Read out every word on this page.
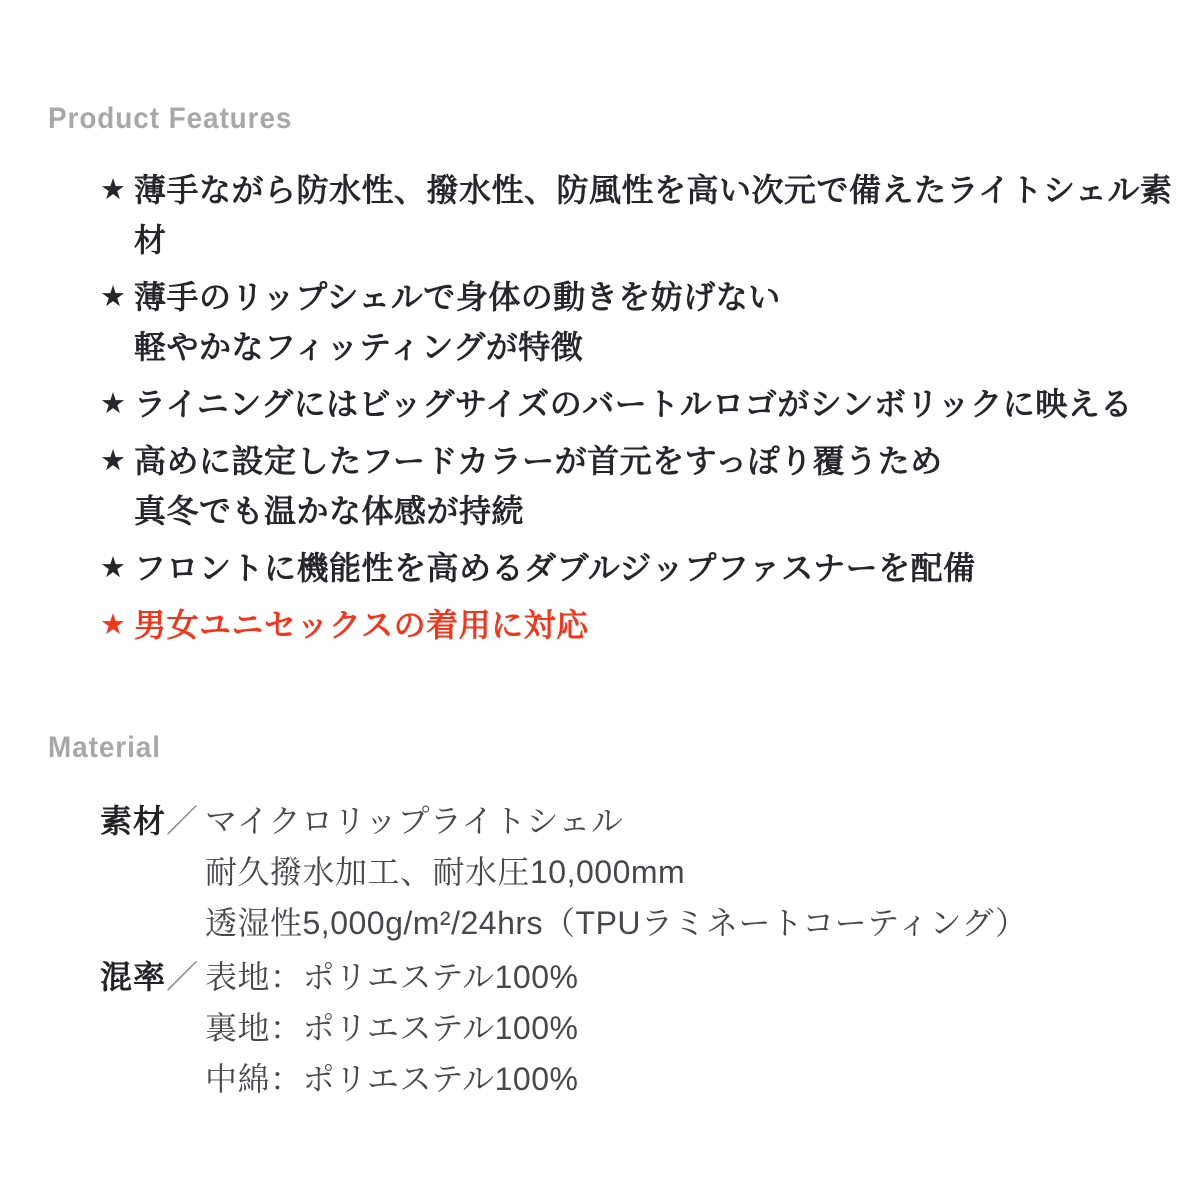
Product Features
★ 薄手ながら防水性、撥水性、防風性を高い次元で備えたライトシェル素材
★ 薄手のリップシェルで身体の動きを妨げない
軽やかなフィッティングが特徴
★ ライニングにはビッグサイズのバートルロゴがシンボリックに映える
★ 高めに設定したフードカラーが首元をすっぽり覆うため
真冬でも温かな体感が持続
★ フロントに機能性を高めるダブルジップファスナーを配備
★ 男女ユニセックスの着用に対応
Material
素材 ／ マイクロリップライトシェル
耐久撥水加工、耐水圧10,000mm
透湿性5,000g/m²/24hrs（TPUラミネートコーティング）
混率 ／ 表地：ポリエステル100%
裏地：ポリエステル100%
中綿：ポリエステル100%
